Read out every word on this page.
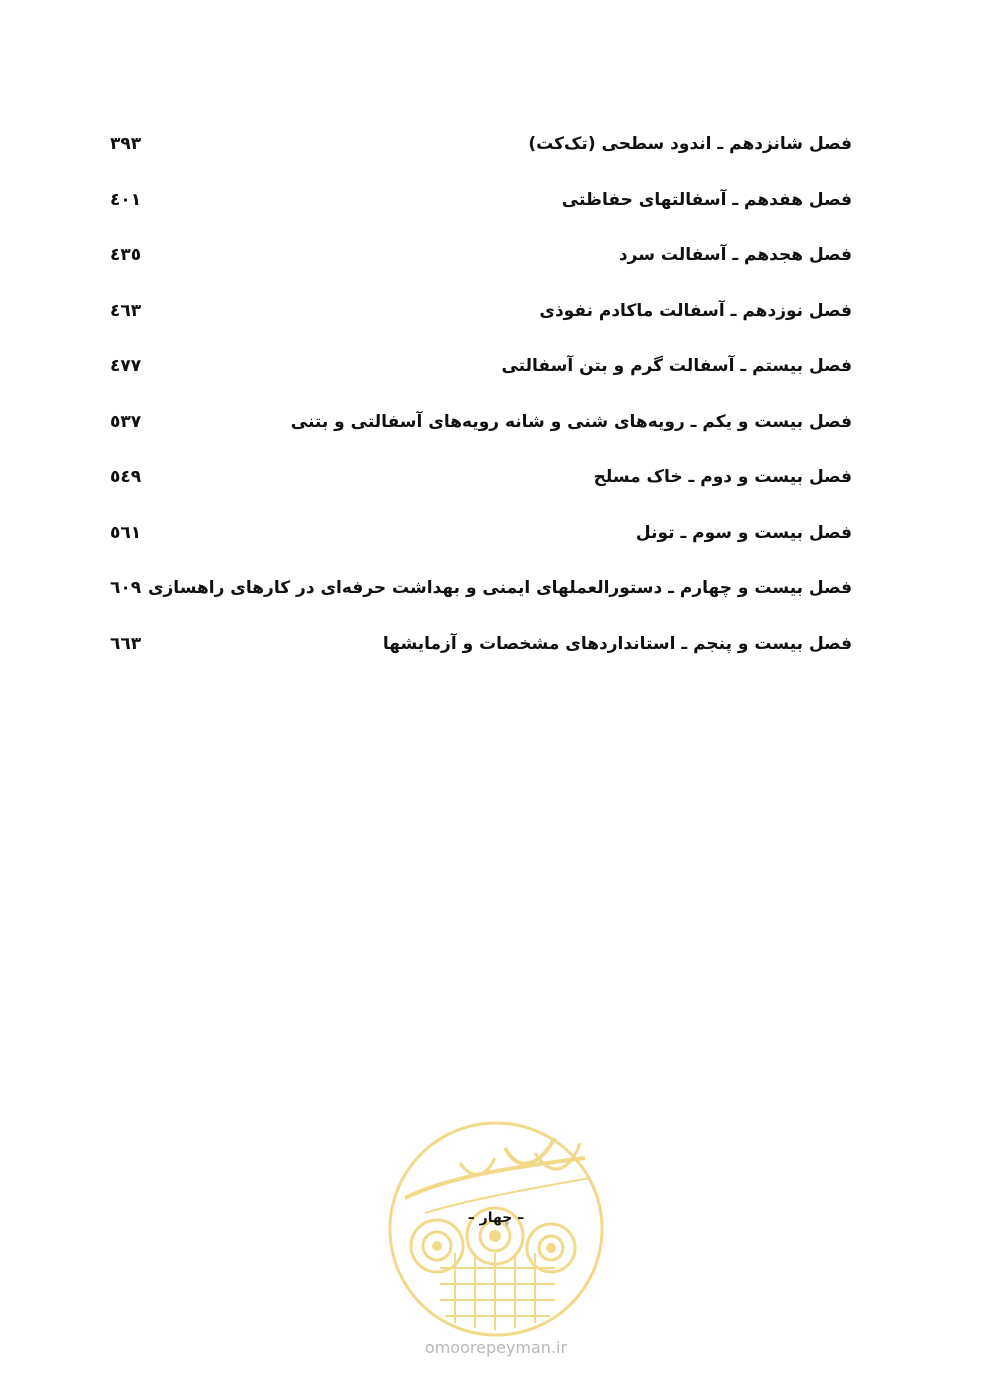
فصل شانزدهم ـ اندود سطحی (تک‌کت)
۳۹۳
فصل هفدهم ـ آسفالتهای حفاظتی
٤٠١
فصل هجدهم ـ آسفالت سرد
٤٣٥
فصل نوزدهم ـ آسفالت ماکادم نفوذی
٤٦٣
فصل بیستم ـ آسفالت گرم و بتن آسفالتی
٤٧٧
فصل بیست و یکم ـ رویه‌های شنی و شانه رویه‌های آسفالتی و بتنی
٥٣٧
فصل بیست و دوم ـ خاک مسلح
٥٤٩
فصل بیست و سوم ـ تونل
٥٦١
فصل بیست و چهارم ـ دستورالعملهای ایمنی و بهداشت حرفه‌ای در کارهای راهسازی
٦٠٩
فصل بیست و پنجم ـ استانداردهای مشخصات و آزمایشها
٦٦٣
– چهار –
omoorepeyman.ir
